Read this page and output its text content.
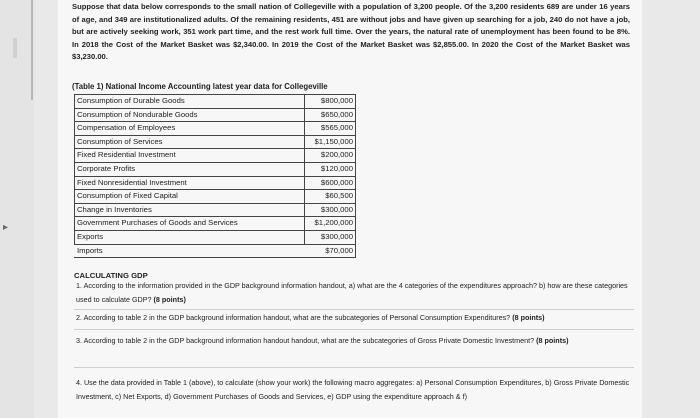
▸
Suppose that data below corresponds to the small nation of Collegeville with a population of 3,200 people. Of the 3,200 residents 689 are under 16 years of age, and 349 are institutionalized adults. Of the remaining residents, 451 are without jobs and have given up searching for a job, 240 do not have a job, but are actively seeking work, 351 work part time, and the rest work full time. Over the years, the natural rate of unemployment has been found to be 8%. In 2018 the Cost of the Market Basket was $2,340.00. In 2019 the Cost of the Market Basket was $2,855.00. In 2020 the Cost of the Market Basket was $3,230.00.
(Table 1) National Income Accounting latest year data for Collegeville
Consumption of Durable Goods	$800,000
Consumption of Nondurable Goods	$650,000
Compensation of Employees	$565,000
Consumption of Services	$1,150,000
Fixed Residential Investment	$200,000
Corporate Profits	$120,000
Fixed Nonresidential Investment	$600,000
Consumption of Fixed Capital	$60,500
Change in Inventories	$300,000
Government Purchases of Goods and Services	$1,200,000
Exports	$300,000
Imports	$70,000
CALCULATING GDP
1. According to the information provided in the GDP background information handout, a) what are the 4 categories of the expenditures approach? b) how are these categories used to calculate GDP? (8 points)
2. According to table 2 in the GDP background information handout, what are the subcategories of Personal Consumption Expenditures? (8 points)
3. According to table 2 in the GDP background information handout handout, what are the subcategories of Gross Private Domestic Investment? (8 points)
4. Use the data provided in Table 1 (above), to calculate (show your work) the following macro aggregates: a) Personal Consumption Expenditures, b) Gross Private Domestic Investment, c) Net Exports, d) Government Purchases of Goods and Services, e) GDP using the expenditure approach & f)
